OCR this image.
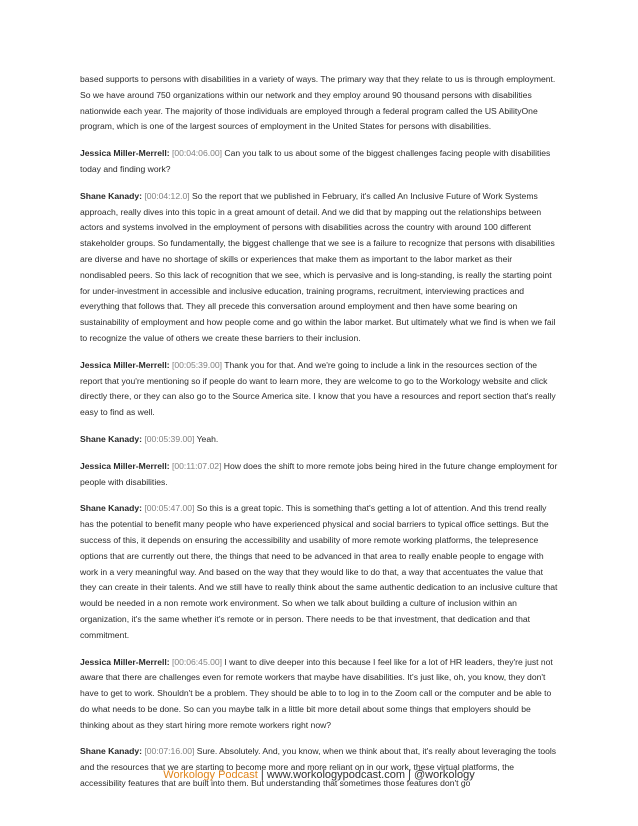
based supports to persons with disabilities in a variety of ways. The primary way that they relate to us is through employment. So we have around 750 organizations within our network and they employ around 90 thousand persons with disabilities nationwide each year. The majority of those individuals are employed through a federal program called the US AbilityOne program, which is one of the largest sources of employment in the United States for persons with disabilities.

Jessica Miller-Merrell: [00:04:06.00] Can you talk to us about some of the biggest challenges facing people with disabilities today and finding work?

Shane Kanady: [00:04:12.0] So the report that we published in February, it's called An Inclusive Future of Work Systems approach, really dives into this topic in a great amount of detail. And we did that by mapping out the relationships between actors and systems involved in the employment of persons with disabilities across the country with around 100 different stakeholder groups. So fundamentally, the biggest challenge that we see is a failure to recognize that persons with disabilities are diverse and have no shortage of skills or experiences that make them as important to the labor market as their nondisabled peers. So this lack of recognition that we see, which is pervasive and is long-standing, is really the starting point for under-investment in accessible and inclusive education, training programs, recruitment, interviewing practices and everything that follows that. They all precede this conversation around employment and then have some bearing on sustainability of employment and how people come and go within the labor market. But ultimately what we find is when we fail to recognize the value of others we create these barriers to their inclusion.

Jessica Miller-Merrell: [00:05:39.00] Thank you for that. And we're going to include a link in the resources section of the report that you're mentioning so if people do want to learn more, they are welcome to go to the Workology website and click directly there, or they can also go to the Source America site. I know that you have a resources and report section that's really easy to find as well.

Shane Kanady: [00:05:39.00] Yeah.

Jessica Miller-Merrell: [00:11:07.02] How does the shift to more remote jobs being hired in the future change employment for people with disabilities.

Shane Kanady: [00:05:47.00] So this is a great topic. This is something that's getting a lot of attention. And this trend really has the potential to benefit many people who have experienced physical and social barriers to typical office settings. But the success of this, it depends on ensuring the accessibility and usability of more remote working platforms, the telepresence options that are currently out there, the things that need to be advanced in that area to really enable people to engage with work in a very meaningful way. And based on the way that they would like to do that, a way that accentuates the value that they can create in their talents. And we still have to really think about the same authentic dedication to an inclusive culture that would be needed in a non remote work environment. So when we talk about building a culture of inclusion within an organization, it's the same whether it's remote or in person. There needs to be that investment, that dedication and that commitment.

Jessica Miller-Merrell: [00:06:45.00] I want to dive deeper into this because I feel like for a lot of HR leaders, they're just not aware that there are challenges even for remote workers that maybe have disabilities. It's just like, oh, you know, they don't have to get to work. Shouldn't be a problem. They should be able to to log in to the Zoom call or the computer and be able to do what needs to be done. So can you maybe talk in a little bit more detail about some things that employers should be thinking about as they start hiring more remote workers right now?

Shane Kanady: [00:07:16.00] Sure. Absolutely. And, you know, when we think about that, it's really about leveraging the tools and the resources that we are starting to become more and more reliant on in our work, these virtual platforms, the accessibility features that are built into them. But understanding that sometimes those features don't go

Workology Podcast | www.workologypodcast.com | @workology
